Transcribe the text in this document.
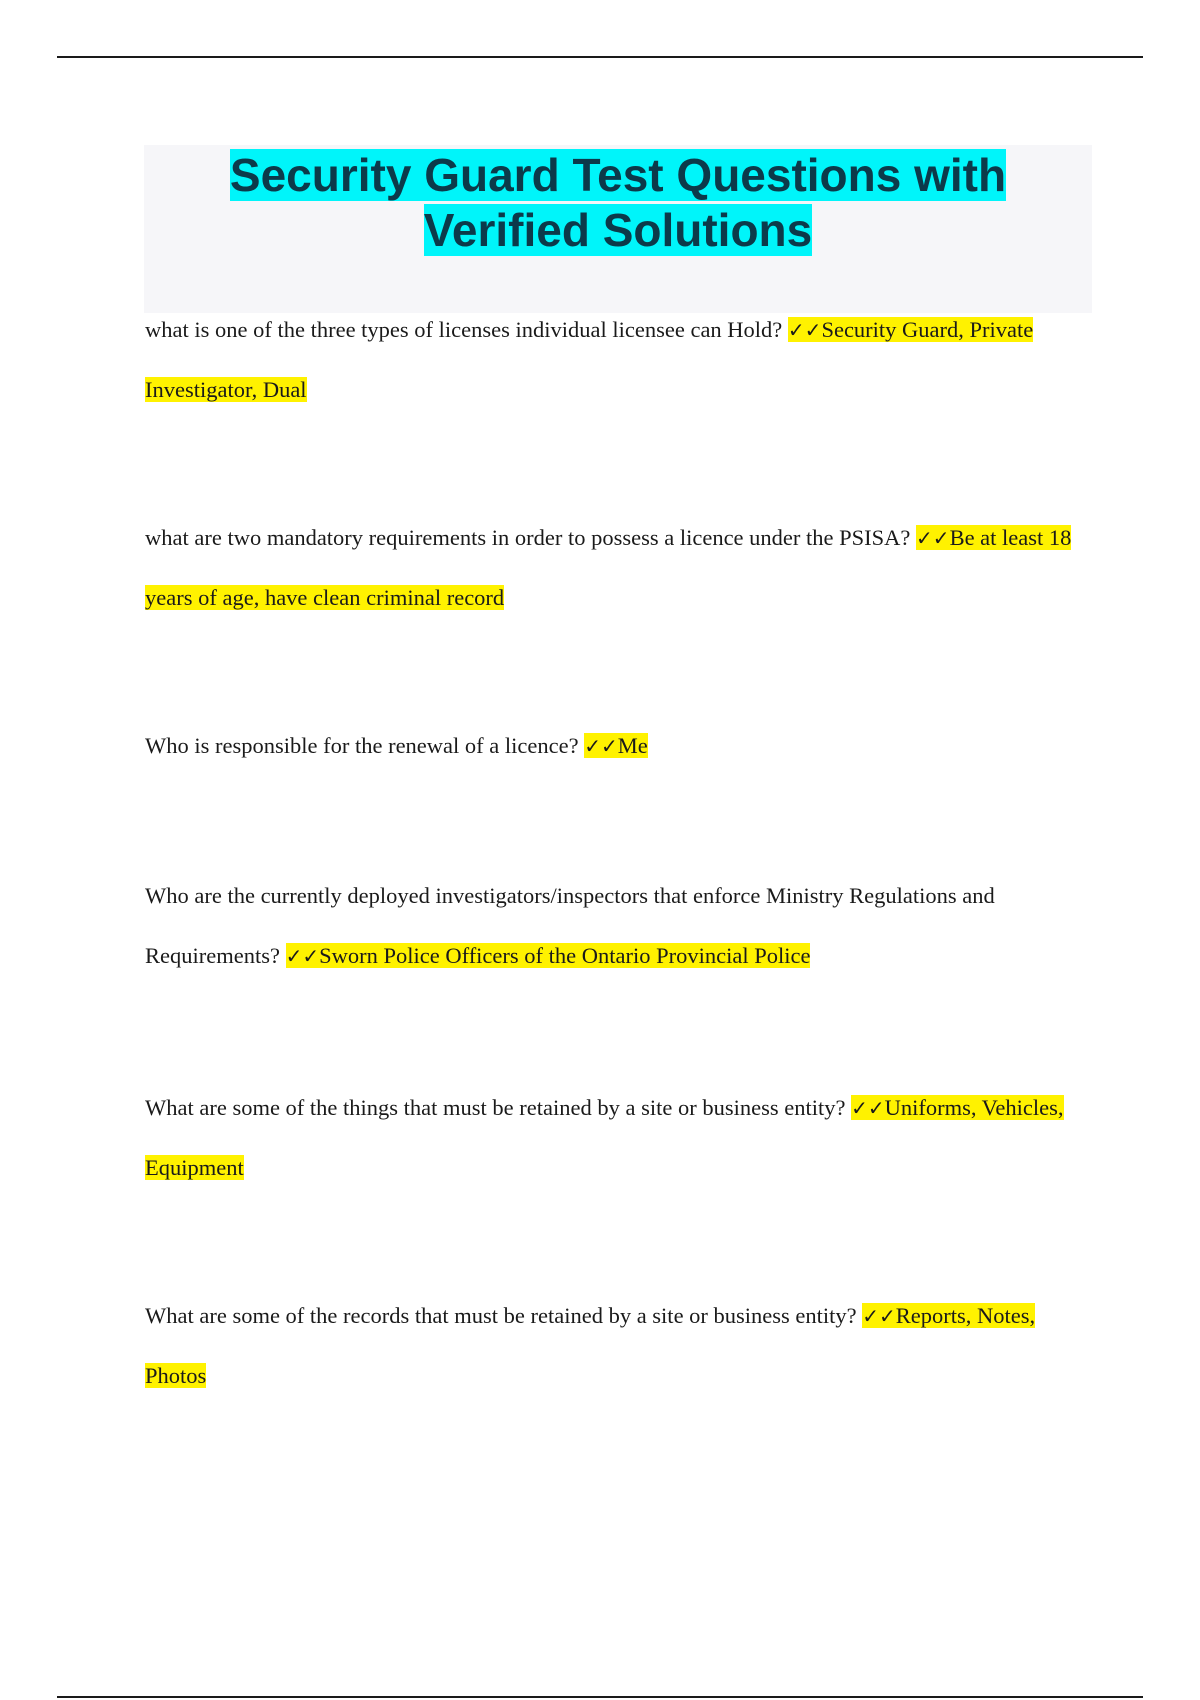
Security Guard Test Questions with
Verified Solutions

what is one of the three types of licenses individual licensee can Hold? ✓✓Security Guard, Private Investigator, Dual

what are two mandatory requirements in order to possess a licence under the PSISA? ✓✓Be at least 18 years of age, have clean criminal record

Who is responsible for the renewal of a licence? ✓✓Me

Who are the currently deployed investigators/inspectors that enforce Ministry Regulations and Requirements? ✓✓Sworn Police Officers of the Ontario Provincial Police

What are some of the things that must be retained by a site or business entity? ✓✓Uniforms, Vehicles, Equipment

What are some of the records that must be retained by a site or business entity? ✓✓Reports, Notes, Photos
